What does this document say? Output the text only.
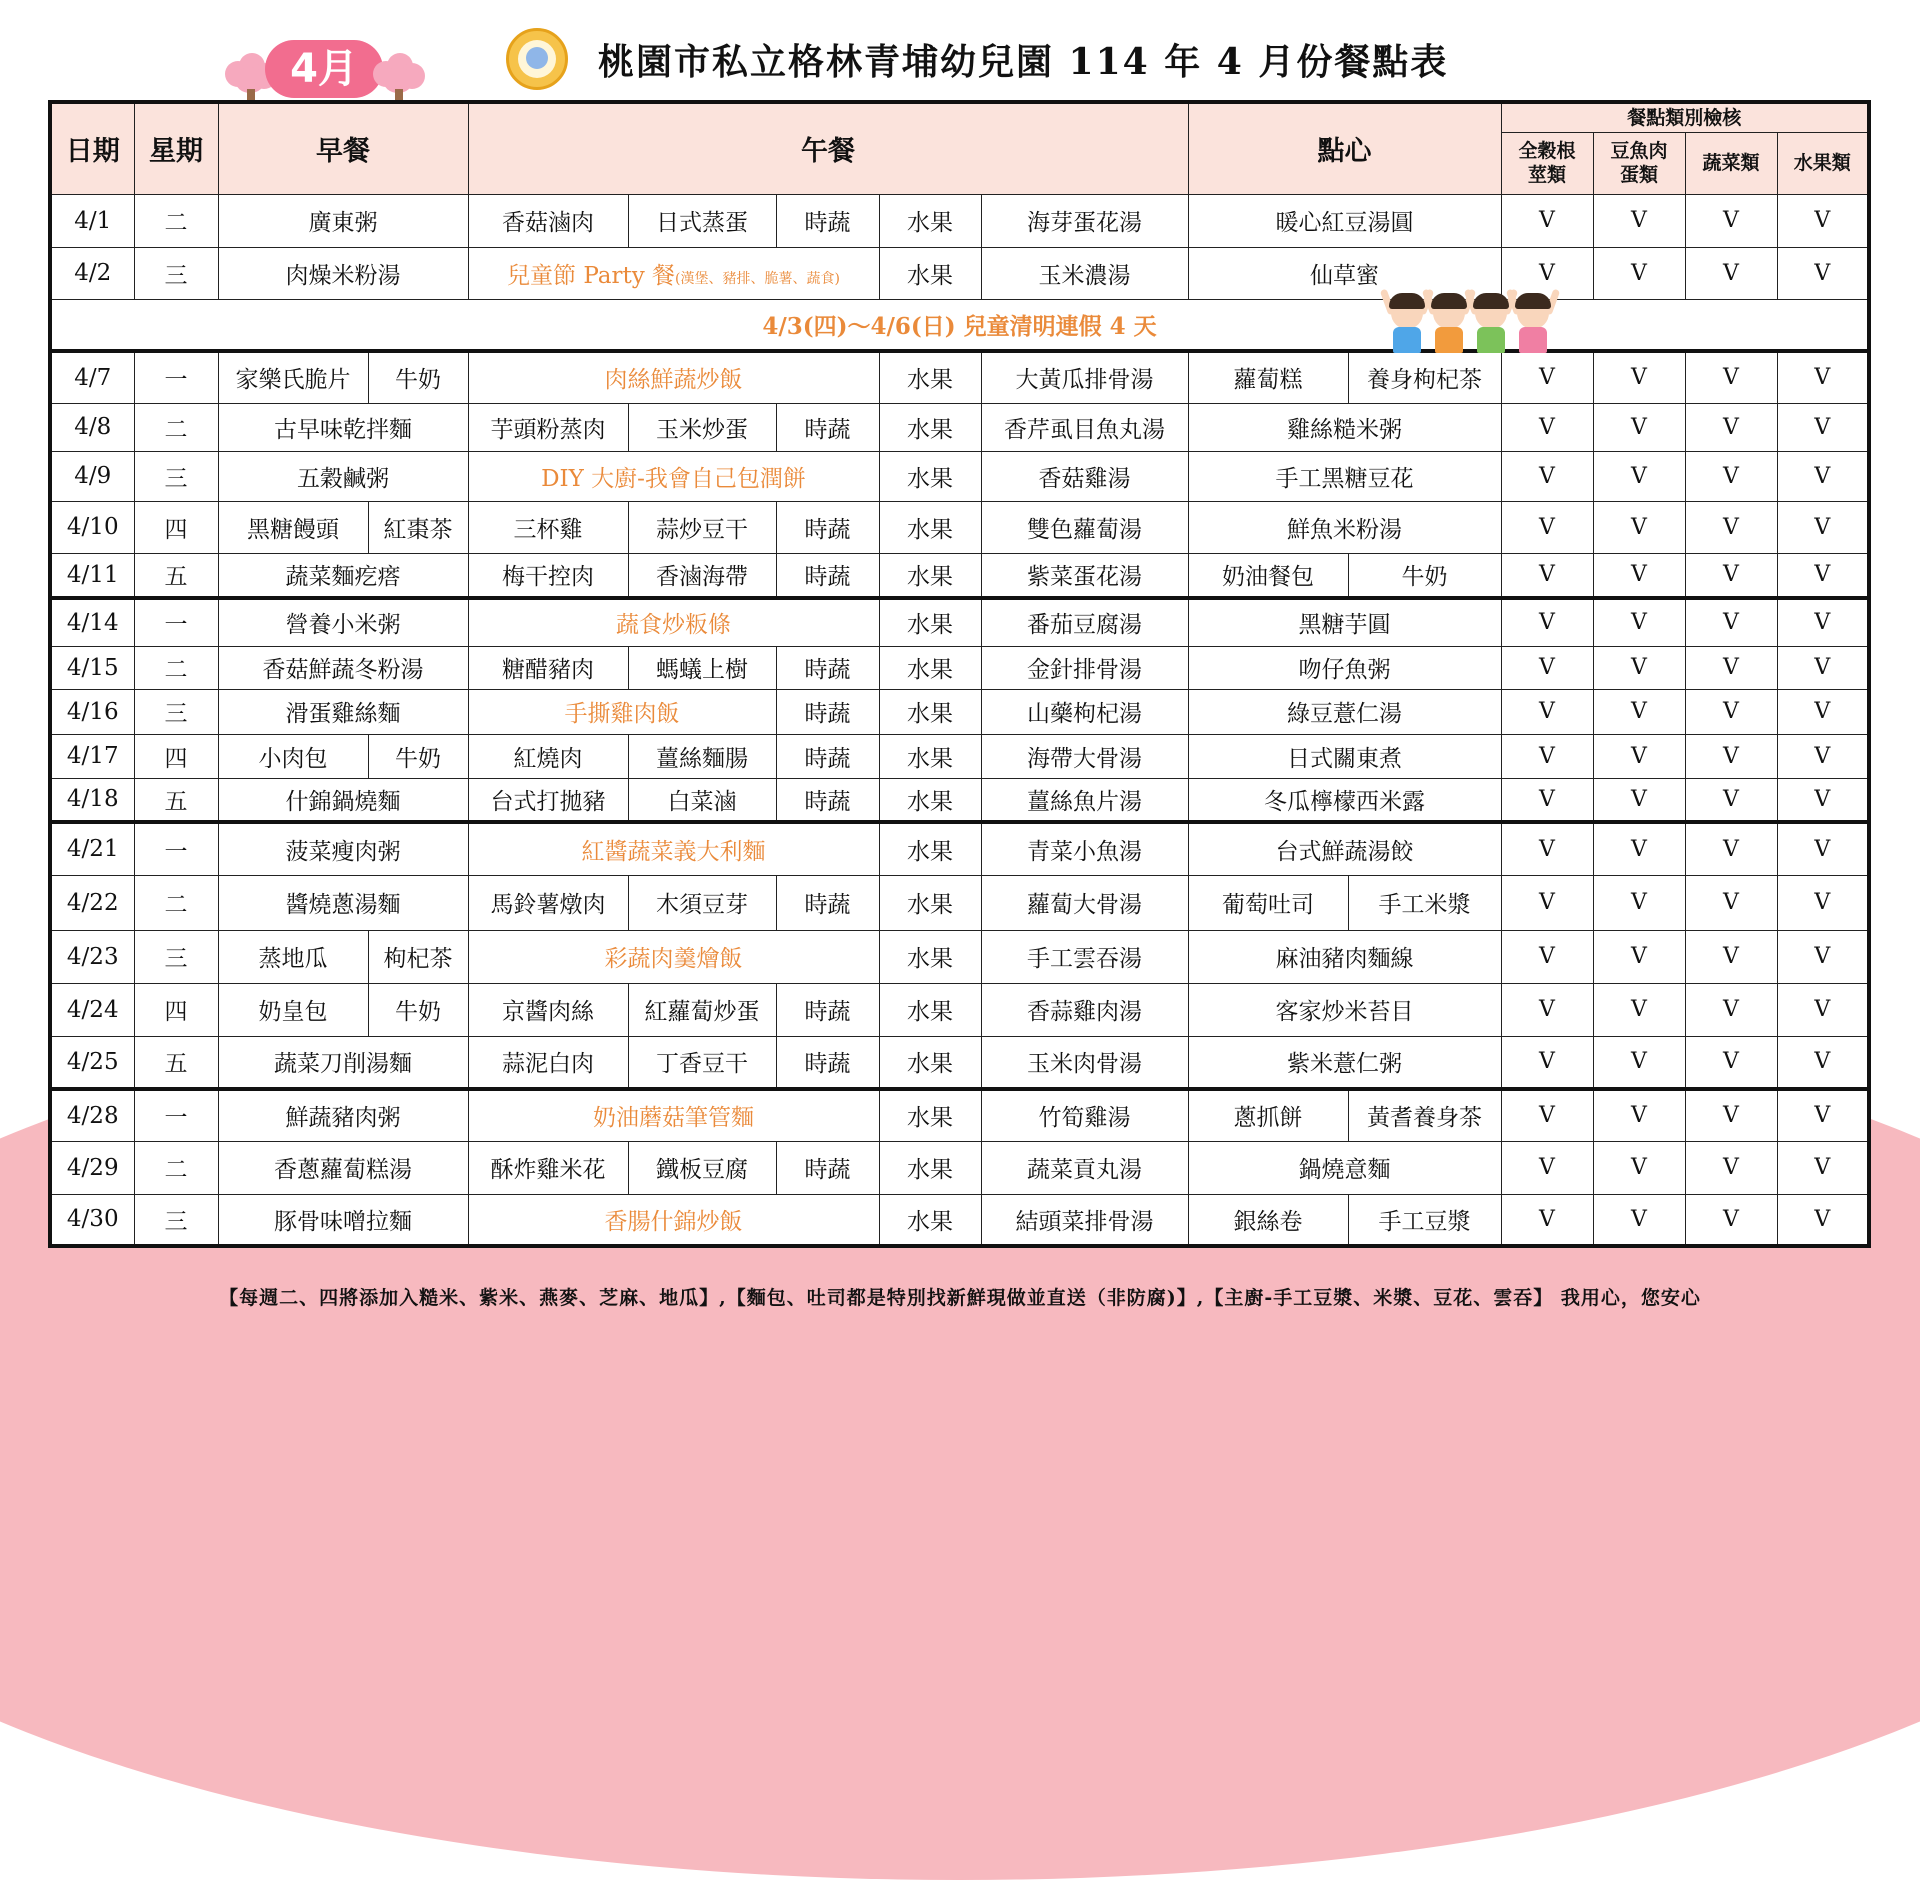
4月	桃園市私立格林青埔幼兒園 114 年 4 月份餐點表
日期	星期	早餐		午餐					點心		餐點類別檢核			
											全穀根莖類	豆魚肉蛋類	蔬菜類	水果類
4/1	二	廣東粥		香菇滷肉	日式蒸蛋	時蔬	水果	海芽蛋花湯	暖心紅豆湯圓		V	V	V	V
4/2	三	肉燥米粉湯		兒童節 Party 餐(漢堡、豬排、脆薯、蔬食)			水果	玉米濃湯	仙草蜜		V	V	V	V
4/3(四)～4/6(日) 兒童清明連假 4 天														
4/7	一	家樂氏脆片	牛奶	肉絲鮮蔬炒飯			水果	大黃瓜排骨湯	蘿蔔糕	養身枸杞茶	V	V	V	V
4/8	二	古早味乾拌麵		芋頭粉蒸肉	玉米炒蛋	時蔬	水果	香芹虱目魚丸湯	雞絲糙米粥		V	V	V	V
4/9	三	五穀鹹粥		DIY 大廚-我會自己包潤餅			水果	香菇雞湯	手工黑糖豆花		V	V	V	V
4/10	四	黑糖饅頭	紅棗茶	三杯雞	蒜炒豆干	時蔬	水果	雙色蘿蔔湯	鮮魚米粉湯		V	V	V	V
4/11	五	蔬菜麵疙瘩		梅干控肉	香滷海帶	時蔬	水果	紫菜蛋花湯	奶油餐包	牛奶	V	V	V	V
4/14	一	營養小米粥		蔬食炒粄條			水果	番茄豆腐湯	黑糖芋圓		V	V	V	V
4/15	二	香菇鮮蔬冬粉湯		糖醋豬肉	螞蟻上樹	時蔬	水果	金針排骨湯	吻仔魚粥		V	V	V	V
4/16	三	滑蛋雞絲麵		手撕雞肉飯		時蔬	水果	山藥枸杞湯	綠豆薏仁湯		V	V	V	V
4/17	四	小肉包	牛奶	紅燒肉	薑絲麵腸	時蔬	水果	海帶大骨湯	日式關東煮		V	V	V	V
4/18	五	什錦鍋燒麵		台式打拋豬	白菜滷	時蔬	水果	薑絲魚片湯	冬瓜檸檬西米露		V	V	V	V
4/21	一	菠菜瘦肉粥		紅醬蔬菜義大利麵			水果	青菜小魚湯	台式鮮蔬湯餃		V	V	V	V
4/22	二	醬燒蔥湯麵		馬鈴薯燉肉	木須豆芽	時蔬	水果	蘿蔔大骨湯	葡萄吐司	手工米漿	V	V	V	V
4/23	三	蒸地瓜	枸杞茶	彩蔬肉羹燴飯			水果	手工雲吞湯	麻油豬肉麵線		V	V	V	V
4/24	四	奶皇包	牛奶	京醬肉絲	紅蘿蔔炒蛋	時蔬	水果	香蒜雞肉湯	客家炒米苔目		V	V	V	V
4/25	五	蔬菜刀削湯麵		蒜泥白肉	丁香豆干	時蔬	水果	玉米肉骨湯	紫米薏仁粥		V	V	V	V
4/28	一	鮮蔬豬肉粥		奶油蘑菇筆管麵			水果	竹筍雞湯	蔥抓餅	黃耆養身茶	V	V	V	V
4/29	二	香蔥蘿蔔糕湯		酥炸雞米花	鐵板豆腐	時蔬	水果	蔬菜貢丸湯	鍋燒意麵		V	V	V	V
4/30	三	豚骨味噌拉麵		香腸什錦炒飯			水果	結頭菜排骨湯	銀絲卷	手工豆漿	V	V	V	V
【每週二、四將添加入糙米、紫米、燕麥、芝麻、地瓜】,【麵包、吐司都是特別找新鮮現做並直送（非防腐)】,【主廚-手工豆漿、米漿、豆花、雲吞】 我用心，您安心
